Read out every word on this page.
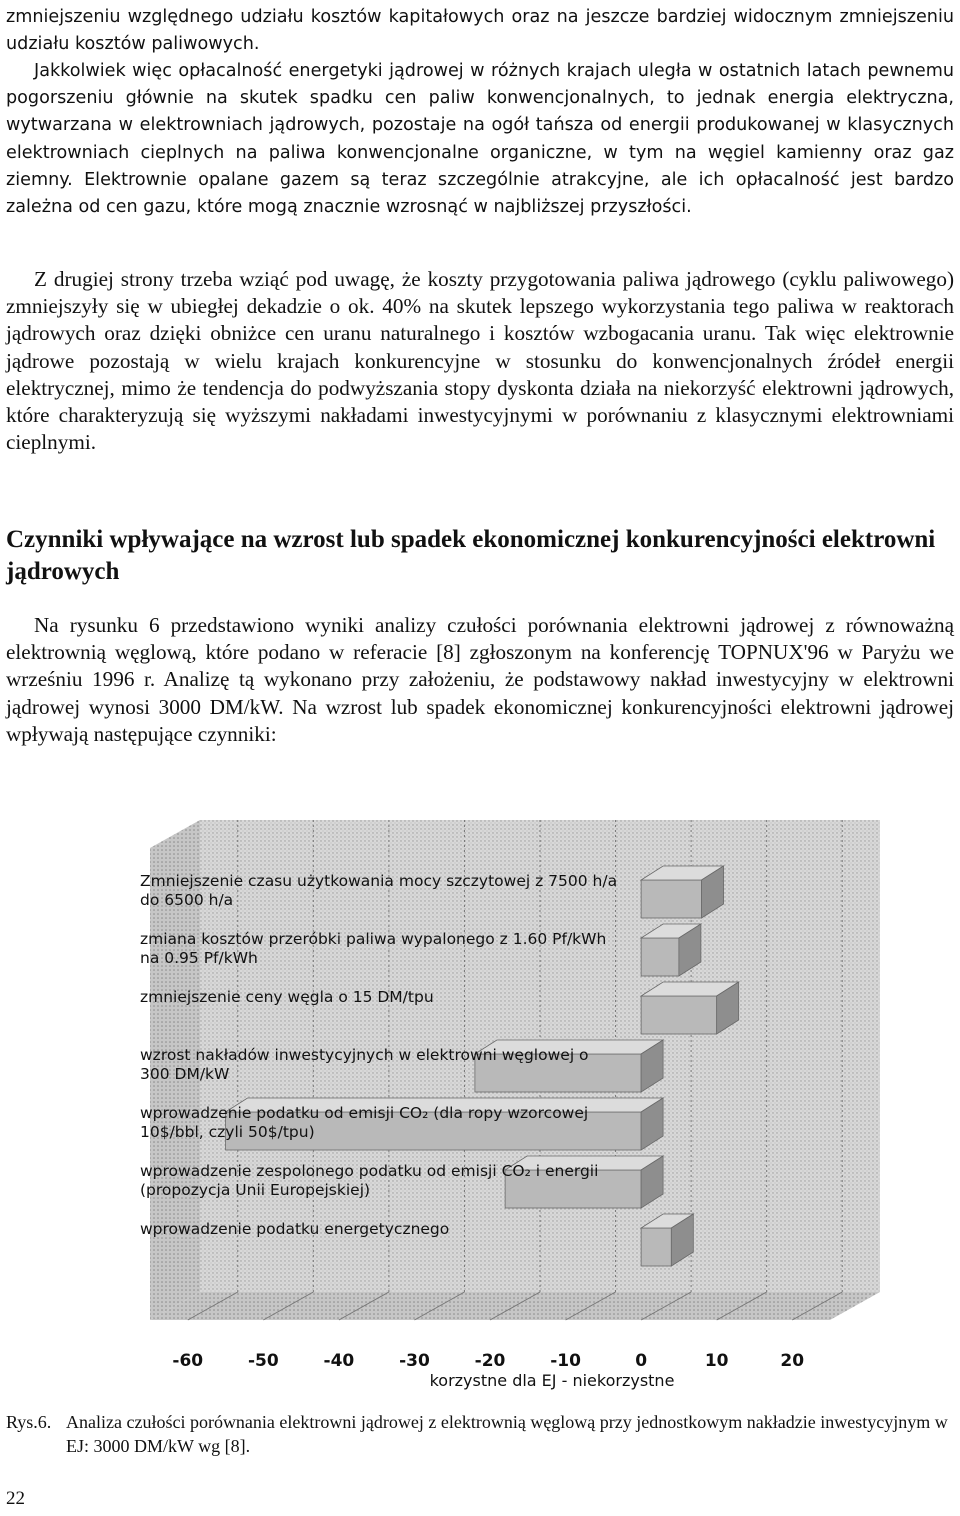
zmniejszeniu względnego udziału kosztów kapitałowych oraz na jeszcze bardziej widocznym zmniejszeniu udziału kosztów paliwowych.

Jakkolwiek więc opłacalność energetyki jądrowej w różnych krajach uległa w ostatnich latach pewnemu pogorszeniu głównie na skutek spadku cen paliw konwencjonalnych, to jednak energia elektryczna, wytwarzana w elektrowniach jądrowych, pozostaje na ogół tańsza od energii produkowanej w klasycznych elektrowniach cieplnych na paliwa konwencjonalne organiczne, w tym na węgiel kamienny oraz gaz ziemny. Elektrownie opalane gazem są teraz szczególnie atrakcyjne, ale ich opłacalność jest bardzo zależna od cen gazu, które mogą znacznie wzrosnąć w najbliższej przyszłości.

Z drugiej strony trzeba wziąć pod uwagę, że koszty przygotowania paliwa jądrowego (cyklu paliwowego) zmniejszyły się w ubiegłej dekadzie o ok. 40% na skutek lepszego wykorzystania tego paliwa w reaktorach jądrowych oraz dzięki obniżce cen uranu naturalnego i kosztów wzbogacania uranu. Tak więc elektrownie jądrowe pozostają w wielu krajach konkurencyjne w stosunku do konwencjonalnych źródeł energii elektrycznej, mimo że tendencja do podwyższania stopy dyskonta działa na niekorzyść elektrowni jądrowych, które charakteryzują się wyższymi nakładami inwestycyjnymi w porównaniu z klasycznymi elektrowniami cieplnymi.

Czynniki wpływające na wzrost lub spadek ekonomicznej konkurencyjności elektrowni jądrowych

Na rysunku 6 przedstawiono wyniki analizy czułości porównania elektrowni jądrowej z równoważną elektrownią węglową, które podano w referacie [8] zgłoszonym na konferencję TOPNUX'96 w Paryżu we wrześniu 1996 r. Analizę tą wykonano przy założeniu, że podstawowy nakład inwestycyjny w elektrowni jądrowej wynosi 3000 DM/kW. Na wzrost lub spadek ekonomicznej konkurencyjności elektrowni jądrowej wpływają następujące czynniki:

Zmniejszenie czasu użytkowania mocy szczytowej z 7500 h/a do 6500 h/a
zmiana kosztów przeróbki paliwa wypalonego z 1.60 Pf/kWh na 0.95 Pf/kWh
zmniejszenie ceny węgla o 15 DM/tpu
wzrost nakładów inwestycyjnych w elektrowni węglowej o 300 DM/kW
wprowadzenie podatku od emisji CO₂ (dla ropy wzorcowej 10$/bbl, czyli 50$/tpu)
wprowadzenie zespolonego podatku od emisji CO₂ i energii (propozycja Unii Europejskiej)
wprowadzenie podatku energetycznego
-60	-50	-40	-30	-20	-10	0	10	20
korzystne dla EJ - niekorzystne
Rys.6. Analiza czułości porównania elektrowni jądrowej z elektrownią węglową przy jednostkowym nakładzie inwestycyjnym w EJ: 3000 DM/kW wg [8].
22
